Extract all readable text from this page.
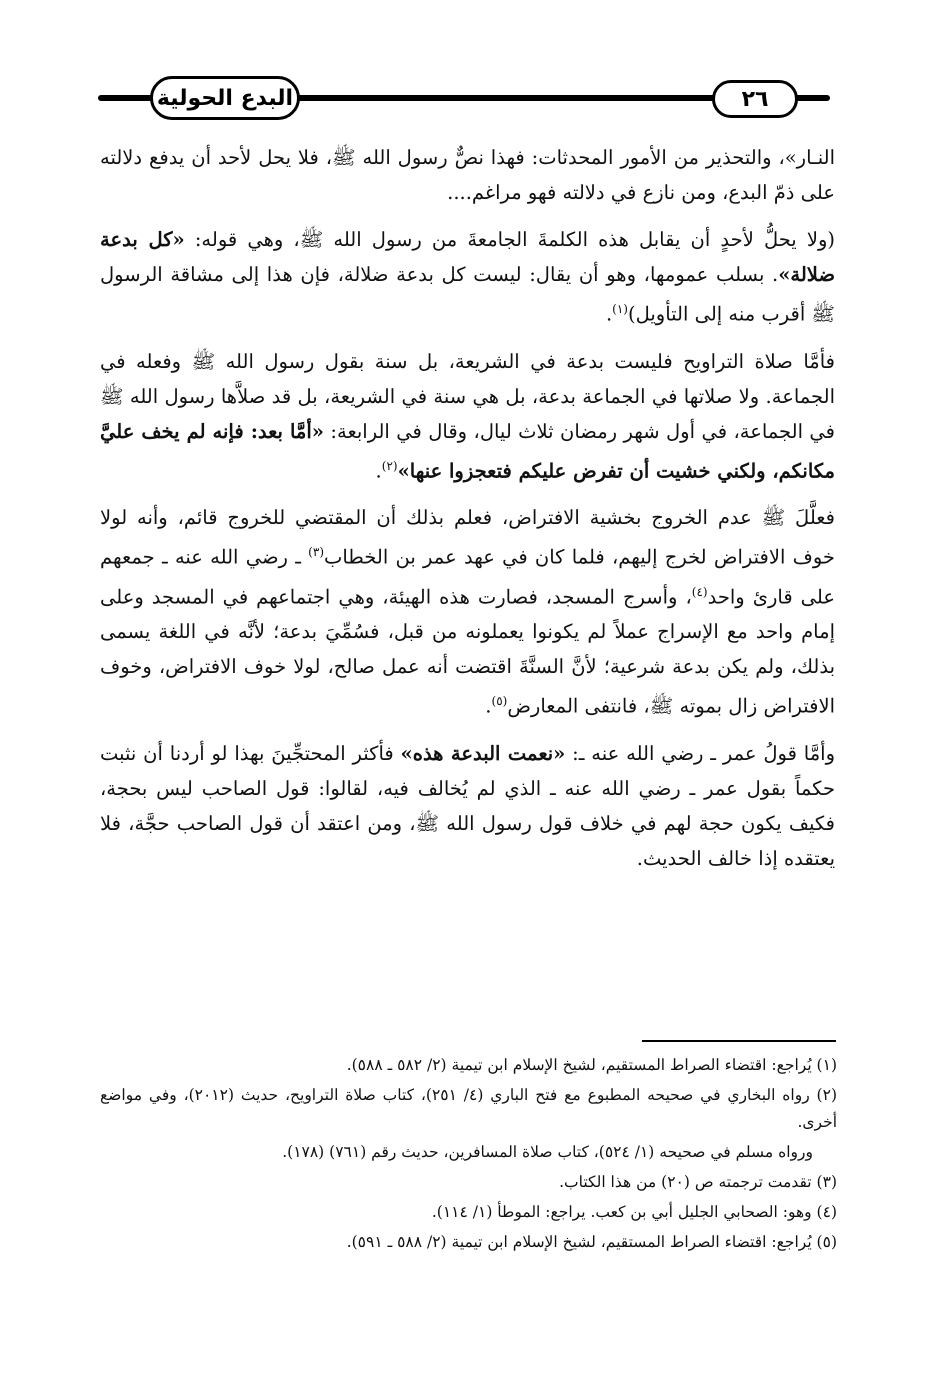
البدع الحولية	٢٦

النـار»، والتحذير من الأمور المحدثات: فهذا نصٌّ رسول الله ﷺ، فلا يحل لأحد أن يدفع دلالته على ذمّ البدع، ومن نازع في دلالته فهو مراغم....

(ولا يحلُّ لأحدٍ أن يقابل هذه الكلمةَ الجامعةَ من رسول الله ﷺ، وهي قوله: «كل بدعة ضلالة». بسلب عمومها، وهو أن يقال: ليست كل بدعة ضلالة، فإن هذا إلى مشاقة الرسول ﷺ أقرب منه إلى التأويل)$^{(١)}$.

فأمَّا صلاة التراويح فليست بدعة في الشريعة، بل سنة بقول رسول الله ﷺ وفعله في الجماعة. ولا صلاتها في الجماعة بدعة، بل هي سنة في الشريعة، بل قد صلاَّها رسول الله ﷺ في الجماعة، في أول شهر رمضان ثلاث ليال، وقال في الرابعة: «أمَّا بعد: فإنه لم يخف عليَّ مكانكم، ولكني خشيت أن تفرض عليكم فتعجزوا عنها»$^{(٢)}$.

فعلَّلَ ﷺ عدم الخروج بخشية الافتراض، فعلم بذلك أن المقتضي للخروج قائم، وأنه لولا خوف الافتراض لخرج إليهم، فلما كان في عهد عمر بن الخطاب$^{(٣)}$ ـ رضي الله عنه ـ جمعهم على قارئ واحد$^{(٤)}$، وأسرج المسجد، فصارت هذه الهيئة، وهي اجتماعهم في المسجد وعلى إمام واحد مع الإسراج عملاً لم يكونوا يعملونه من قبل، فسُمِّيَ بدعة؛ لأنَّه في اللغة يسمى بذلك، ولم يكن بدعة شرعية؛ لأنَّ السنَّةَ اقتضت أنه عمل صالح، لولا خوف الافتراض، وخوف الافتراض زال بموته ﷺ، فانتفى المعارض$^{(٥)}$.

وأمَّا قولُ عمر ـ رضي الله عنه ـ: «نعمت البدعة هذه» فأكثر المحتجِّينَ بهذا لو أردنا أن نثبت حكماً بقول عمر ـ رضي الله عنه ـ الذي لم يُخالف فيه، لقالوا: قول الصاحب ليس بحجة، فكيف يكون حجة لهم في خلاف قول رسول الله ﷺ، ومن اعتقد أن قول الصاحب حجَّة، فلا يعتقده إذا خالف الحديث.

(١) يُراجع: اقتضاء الصراط المستقيم، لشيخ الإسلام ابن تيمية (٢/ ٥٨٢ ـ ٥٨٨).

(٢) رواه البخاري في صحيحه المطبوع مع فتح الباري (٤/ ٢٥١)، كتاب صلاة التراويح، حديث (٢٠١٢)، وفي مواضع أخرى.

ورواه مسلم في صحيحه (١/ ٥٢٤)، كتاب صلاة المسافرين، حديث رقم (٧٦١) (١٧٨).

(٣) تقدمت ترجمته ص (٢٠) من هذا الكتاب.

(٤) وهو: الصحابي الجليل أبي بن كعب. يراجع: الموطأ (١/ ١١٤).

(٥) يُراجع: اقتضاء الصراط المستقيم، لشيخ الإسلام ابن تيمية (٢/ ٥٨٨ ـ ٥٩١).
